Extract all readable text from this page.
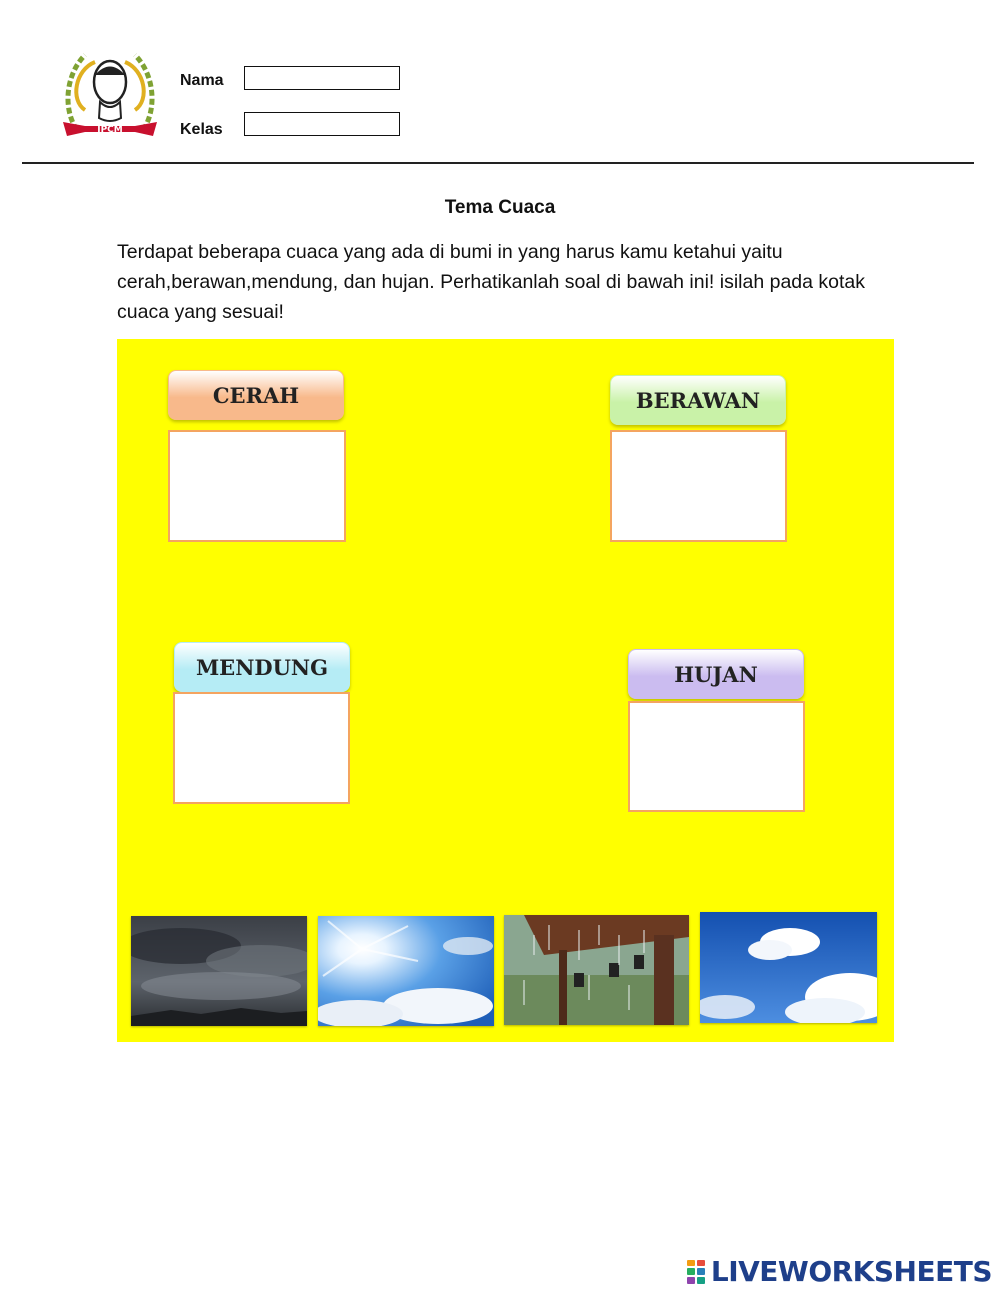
JPCM
Nama
Kelas
Tema Cuaca

Terdapat beberapa cuaca yang ada di bumi in yang harus kamu ketahui yaitu cerah,berawan,mendung, dan hujan. Perhatikanlah soal di bawah ini! isilah pada kotak cuaca yang sesuai!

CERAH	BERAWAN
MENDUNG	HUJAN
LIVEWORKSHEETS
